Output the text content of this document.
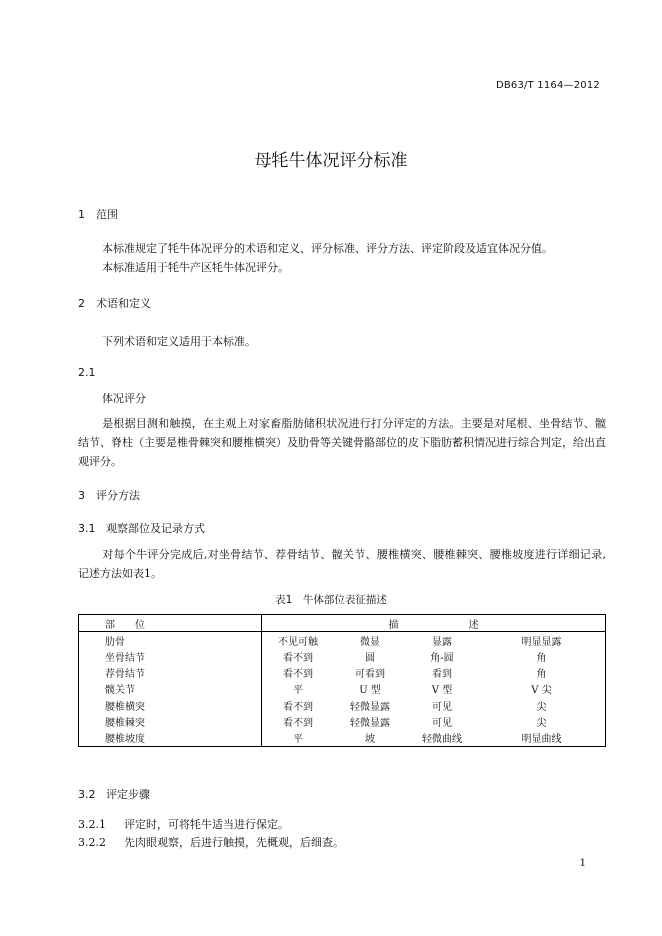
DB63/T 1164—2012
母牦牛体况评分标准
1 范围
本标准规定了牦牛体况评分的术语和定义、评分标准、评分方法、评定阶段及适宜体况分值。
本标准适用于牦牛产区牦牛体况评分。
2 术语和定义
下列术语和定义适用于本标准。
2.1
体况评分
是根据目测和触摸，在主观上对家畜脂肪储积状况进行打分评定的方法。主要是对尾根、坐骨结节、髋结节、脊柱（主要是椎骨棘突和腰椎横突）及肋骨等关键骨骼部位的皮下脂肪蓄积情况进行综合判定，给出直观评分。
3 评分方法
3.1 观察部位及记录方式
对每个牛评分完成后,对坐骨结节、荐骨结节、髋关节、腰椎横突、腰椎棘突、腰椎坡度进行详细记录, 记述方法如表1。
表1　牛体部位表征描述
部　　位	描　　　　　　　述			
肋骨	不见可触	微显	显露	明显显露
坐骨结节	看不到	圆	角-圆	角
荐骨结节	看不到	可看到	看到	角
髋关节	平	U 型	V 型	V 尖
腰椎横突	看不到	轻微显露	可见	尖
腰椎棘突	看不到	轻微显露	可见	尖
腰椎坡度	平	坡	轻微曲线	明显曲线
3.2 评定步骤
3.2.1 评定时，可将牦牛适当进行保定。
3.2.2 先肉眼观察，后进行触摸，先概观，后细查。
1
